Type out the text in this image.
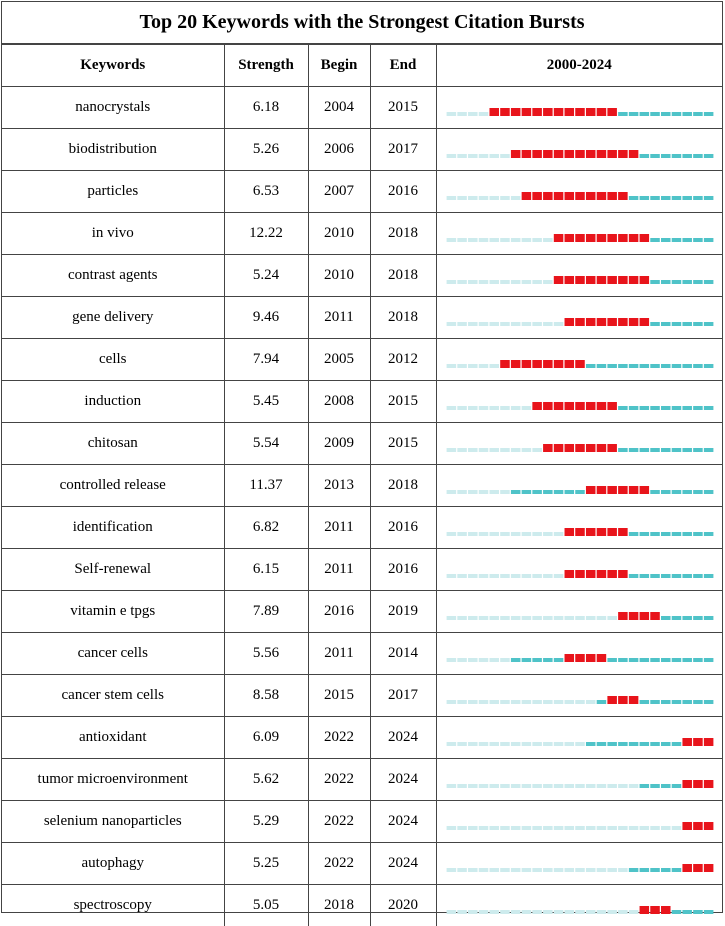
Top 20 Keywords with the Strongest Citation Bursts
Keywords	Strength	Begin	End	2000-2024
nanocrystals	6.18	2004	2015	

biodistribution	5.26	2006	2017	

particles	6.53	2007	2016	

in vivo	12.22	2010	2018	

contrast agents	5.24	2010	2018	

gene delivery	9.46	2011	2018	

cells	7.94	2005	2012	

induction	5.45	2008	2015	

chitosan	5.54	2009	2015	

controlled release	11.37	2013	2018	

identification	6.82	2011	2016	

Self-renewal	6.15	2011	2016	

vitamin e tpgs	7.89	2016	2019	

cancer cells	5.56	2011	2014	

cancer stem cells	8.58	2015	2017	

antioxidant	6.09	2022	2024	

tumor microenvironment	5.62	2022	2024	

selenium nanoparticles	5.29	2022	2024	

autophagy	5.25	2022	2024	

spectroscopy	5.05	2018	2020	
